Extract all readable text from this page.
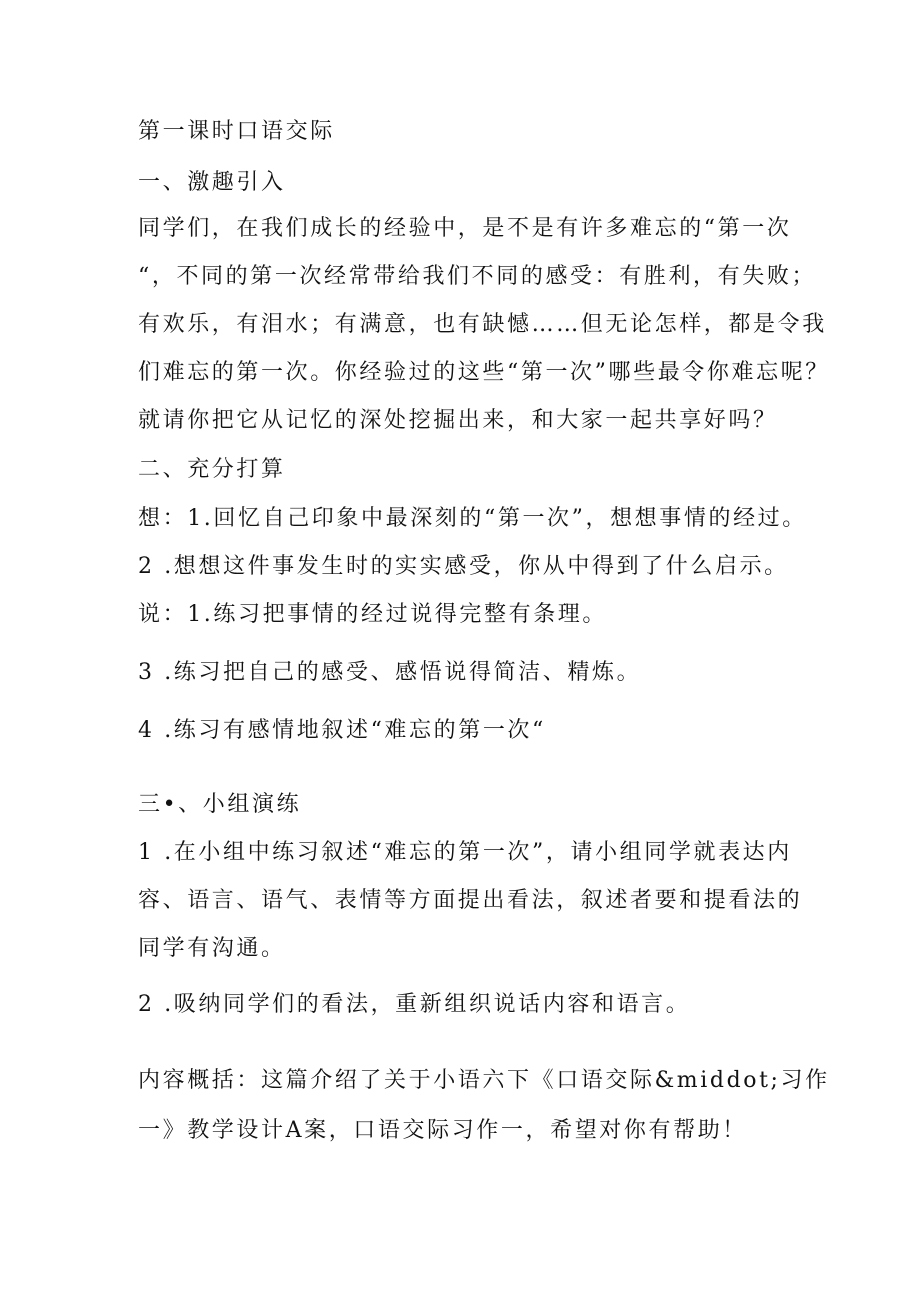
第一课时口语交际
一、激趣引入
同学们，在我们成长的经验中，是不是有许多难忘的“第一次
“，不同的第一次经常带给我们不同的感受：有胜利，有失败；
有欢乐，有泪水；有满意，也有缺憾……但无论怎样，都是令我
们难忘的第一次。你经验过的这些“第一次”哪些最令你难忘呢？
就请你把它从记忆的深处挖掘出来，和大家一起共享好吗？
二、充分打算
想：1.回忆自己印象中最深刻的“第一次”，想想事情的经过。
2 .想想这件事发生时的实实感受，你从中得到了什么启示。
说：1.练习把事情的经过说得完整有条理。
3 .练习把自己的感受、感悟说得简洁、精炼。
4 .练习有感情地叙述“难忘的第一次“
三•、小组演练
1 .在小组中练习叙述“难忘的第一次”，请小组同学就表达内
容、语言、语气、表情等方面提出看法，叙述者要和提看法的
同学有沟通。
2 .吸纳同学们的看法，重新组织说话内容和语言。
内容概括：这篇介绍了关于小语六下《口语交际&middot;习作
一》教学设计A案，口语交际习作一，希望对你有帮助！
